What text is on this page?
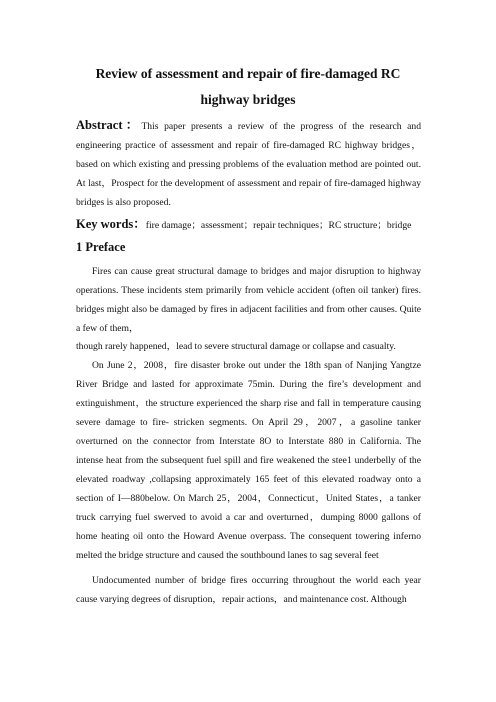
Review of assessment and repair of fire-damaged RC
highway bridges
Abstract：This paper presents a review of the progress of the research and engineering practice of assessment and repair of fire-damaged RC highway bridges，based on which existing and pressing problems of the evaluation method are pointed out. At last，Prospect for the development of assessment and repair of fire-damaged highway bridges is also proposed.
Key words：fire damage；assessment；repair techniques；RC structure；bridge
1 Preface
Fires can cause great structural damage to bridges and major disruption to highway operations. These incidents stem primarily from vehicle accident (often oil tanker) fires. bridges might also be damaged by fires in adjacent facilities and from other causes. Quite a few of them，
though rarely happened，lead to severe structural damage or collapse and casualty.
On June 2，2008，fire disaster broke out under the 18th span of Nanjing Yangtze River Bridge and lasted for approximate 75min. During the fire’s development and extinguishment，the structure experienced the sharp rise and fall in temperature causing severe damage to fire- stricken segments. On April 29，2007，a gasoline tanker overturned on the connector from Interstate 8O to Interstate 880 in California. The intense heat from the subsequent fuel spill and fire weakened the stee1 underbelly of the elevated roadway ,collapsing approximately 165 feet of this elevated roadway onto a section of I—880below. On March 25，2004，Connecticut，United States，a tanker truck carrying fuel swerved to avoid a car and overturned，dumping 8000 gallons of home heating oil onto the Howard Avenue overpass. The consequent towering inferno melted the bridge structure and caused the southbound lanes to sag several feet
Undocumented number of bridge fires occurring throughout the world each year cause varying degrees of disruption，repair actions，and maintenance cost. Although
